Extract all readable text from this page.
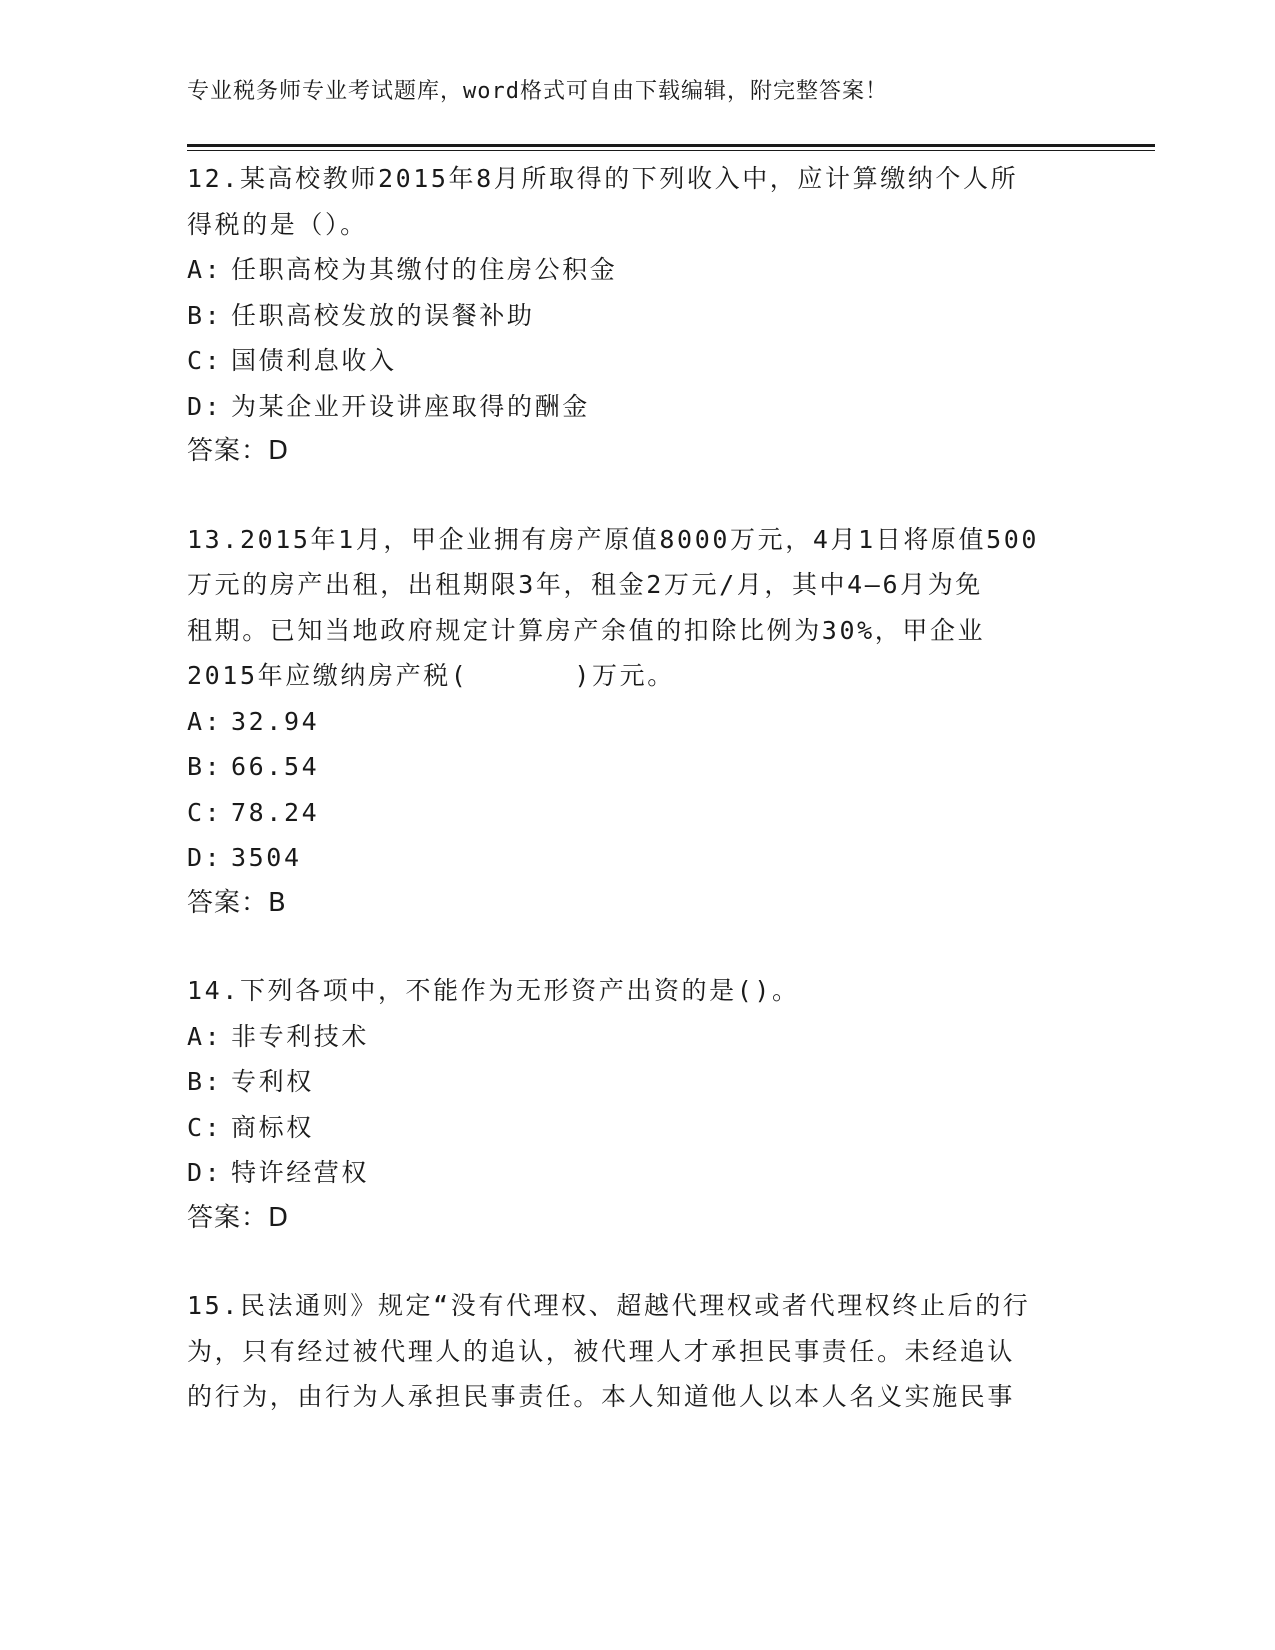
专业税务师专业考试题库，word格式可自由下载编辑，附完整答案！

12.某高校教师2015年8月所取得的下列收入中，应计算缴纳个人所

得税的是（）。

A: 任职高校为其缴付的住房公积金
B: 任职高校发放的误餐补助
C: 国债利息收入
D: 为某企业开设讲座取得的酬金
答案：D

13.2015年1月，甲企业拥有房产原值8000万元，4月1日将原值500

万元的房产出租，出租期限3年，租金2万元/月，其中4—6月为免

租期。已知当地政府规定计算房产余值的扣除比例为30%，甲企业

2015年应缴纳房产税(      )万元。

A: 32.94
B: 66.54
C: 78.24
D: 3504
答案：B

14.下列各项中，不能作为无形资产出资的是()。

A: 非专利技术
B: 专利权
C: 商标权
D: 特许经营权
答案：D

15.民法通则》规定“没有代理权、超越代理权或者代理权终止后的行

为，只有经过被代理人的追认，被代理人才承担民事责任。未经追认

的行为，由行为人承担民事责任。本人知道他人以本人名义实施民事
